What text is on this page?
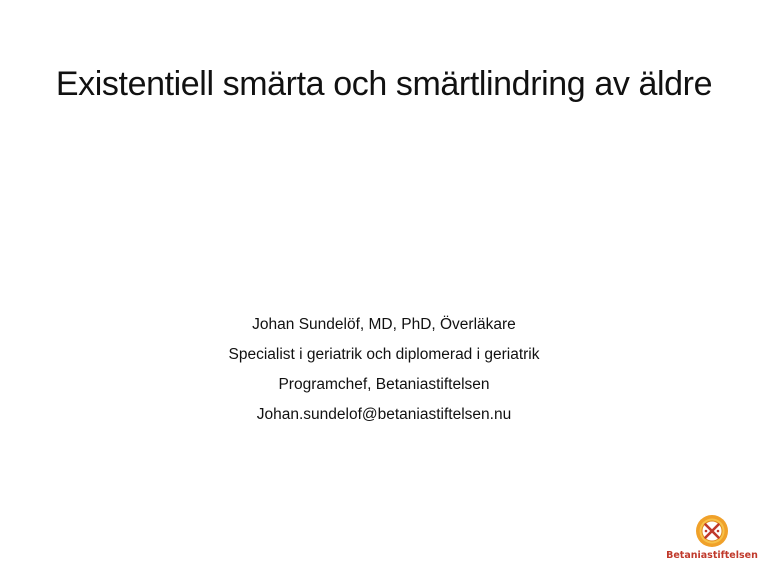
Existentiell smärta och smärtlindring av äldre
Johan Sundelöf, MD, PhD, Överläkare
Specialist i geriatrik och diplomerad i geriatrik
Programchef, Betaniastiftelsen
Johan.sundelof@betaniastiftelsen.nu
Betaniastiftelsen
